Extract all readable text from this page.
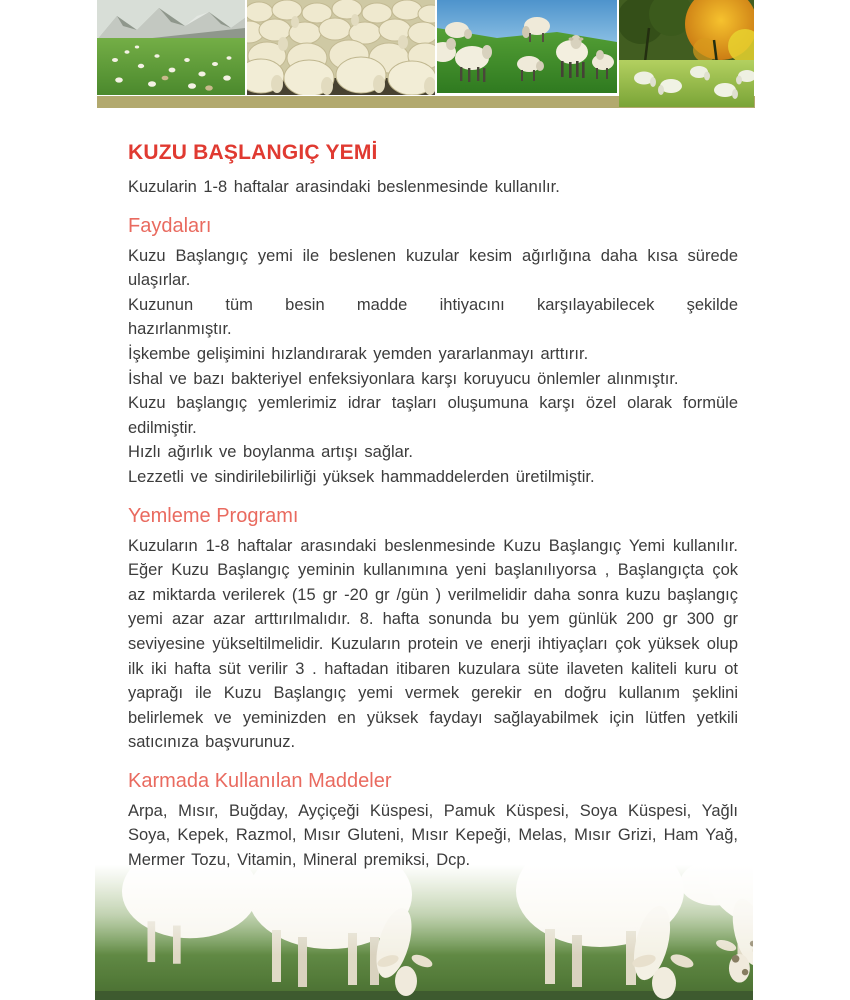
KUZU BAŞLANGIÇ YEMİ

Kuzularin 1-8 haftalar arasindaki beslenmesinde kullanılır.

Faydaları

Kuzu Başlangıç yemi ile beslenen kuzular kesim ağırlığına daha kısa sürede ulaşırlar.

Kuzunun tüm besin madde ihtiyacını karşılayabilecek şekilde hazırlanmıştır.

İşkembe gelişimini hızlandırarak yemden yararlanmayı arttırır.

İshal ve bazı bakteriyel enfeksiyonlara karşı koruyucu önlemler alınmıştır.

Kuzu başlangıç yemlerimiz idrar taşları oluşumuna karşı özel olarak formüle edilmiştir.

Hızlı ağırlık ve boylanma artışı sağlar.

Lezzetli ve sindirilebilirliği yüksek hammaddelerden üretilmiştir.

Yemleme Programı

Kuzuların 1-8 haftalar arasındaki beslenmesinde Kuzu Başlangıç Yemi kullanılır. Eğer Kuzu Başlangıç yeminin kullanımına yeni başlanılıyorsa , Başlangıçta çok az miktarda verilerek (15 gr -20 gr /gün ) verilmelidir daha sonra kuzu başlangıç yemi azar azar arttırılmalıdır. 8. hafta sonunda bu yem günlük 200 gr 300 gr seviyesine yükseltilmelidir. Kuzuların protein ve enerji ihtiyaçları çok yüksek olup ilk iki hafta süt verilir 3 . haftadan itibaren kuzulara süte ilaveten kaliteli kuru ot yaprağı ile Kuzu Başlangıç yemi vermek gerekir en doğru kullanım şeklini belirlemek ve yeminizden en yüksek faydayı sağlayabilmek için lütfen yetkili satıcınıza başvurunuz.

Karmada Kullanılan Maddeler

Arpa, Mısır, Buğday, Ayçiçeği Küspesi, Pamuk Küspesi, Soya Küspesi, Yağlı Soya, Kepek, Razmol, Mısır Gluteni, Mısır Kepeği, Melas, Mısır Grizi, Ham Yağ, Mermer Tozu, Vitamin, Mineral premiksi, Dcp.
